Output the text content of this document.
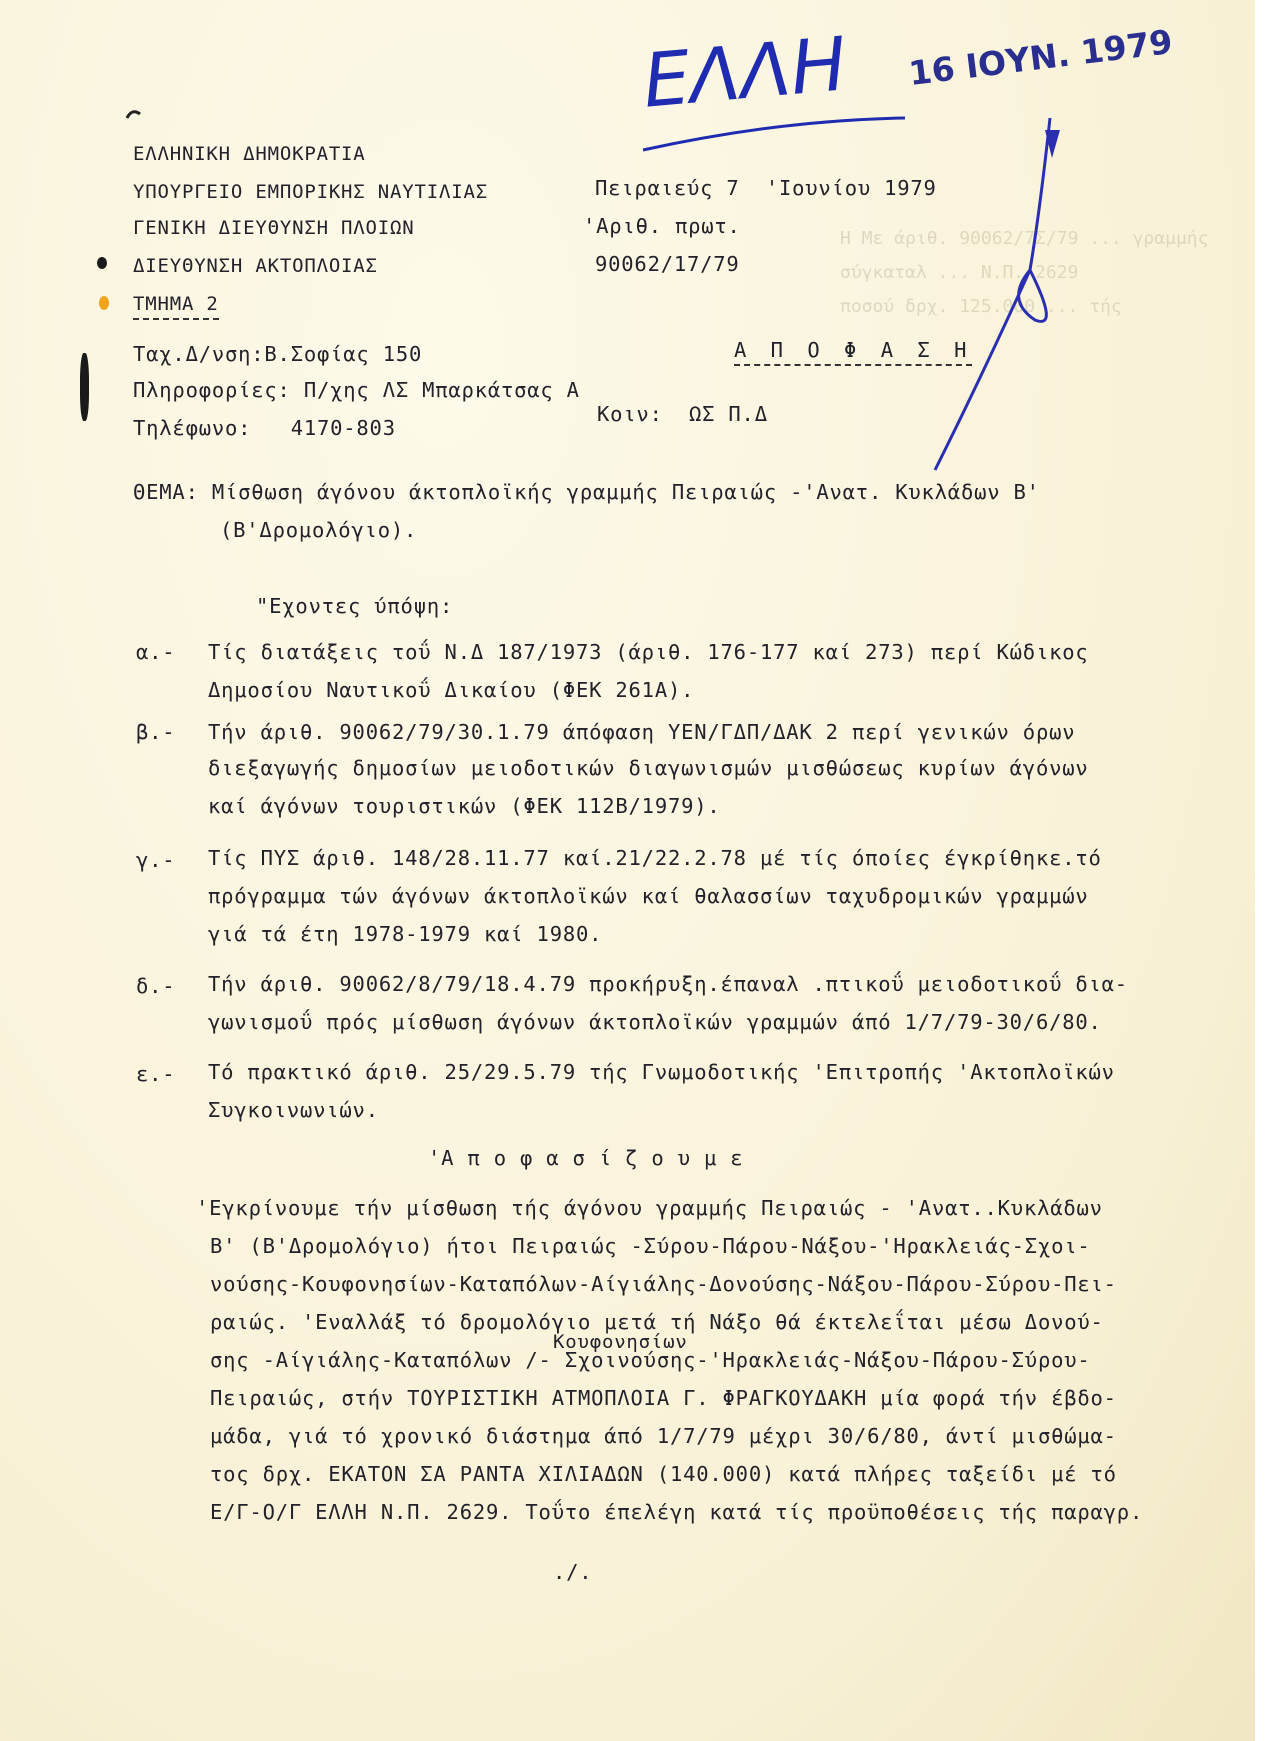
Η Με άριθ. 90062/7Σ/79 ... γραμμής
σύγκαταλ ... Ν.Π. 2629
ποσού δρχ. 125.000 ... τής
ΕΛΛΗ 16 ΙΟΥΝ. 1979
ΕΛΛΗΝΙΚΗ ΔΗΜΟΚΡΑΤΙΑ
ΥΠΟΥΡΓΕΙΟ ΕΜΠΟΡΙΚΗΣ ΝΑΥΤΙΛΙΑΣ
ΓΕΝΙΚΗ ΔΙΕΥΘΥΝΣΗ ΠΛΟΙΩΝ
ΔΙΕΥΘΥΝΣΗ ΑΚΤΟΠΛΟΙΑΣ
ΤΜΗΜΑ 2
Πειραιεύς 7  'Ιουνίου 1979
'Αριθ. πρωτ.
90062/17/79
Ταχ.Δ/νση:Β.Σοφίας 150	Α Π Ο Φ Α Σ Η
Πληροφορίες: Π/χης ΛΣ Μπαρκάτσας Α
Κοιν:  ΩΣ Π.Δ
Τηλέφωνο:   4170-803
ΘΕΜΑ: Μίσθωση άγόνου άκτοπλοϊκής γραμμής Πειραιώς -'Ανατ. Κυκλάδων Β'
(Β'Δρομολόγιο).
"Εχοντες ύπόψη:
α.- Τίς διατάξεις τοΰ Ν.Δ 187/1973 (άριθ. 176-177 καί 273) περί Κώδικος
Δημοσίου Ναυτικοΰ Δικαίου (ΦΕΚ 261Α).
β.- Τήν άριθ. 90062/79/30.1.79 άπόφαση ΥΕΝ/ΓΔΠ/ΔΑΚ 2 περί γενικών όρων
διεξαγωγής δημοσίων μειοδοτικών διαγωνισμών μισθώσεως κυρίων άγόνων
καί άγόνων τουριστικών (ΦΕΚ 112Β/1979).
γ.- Τίς ΠΥΣ άριθ. 148/28.11.77 καί.21/22.2.78 μέ τίς όποίες έγκρίθηκε.τό
πρόγραμμα τών άγόνων άκτοπλοϊκών καί θαλασσίων ταχυδρομικών γραμμών
γιά τά έτη 1978-1979 καί 1980.
δ.- Τήν άριθ. 90062/8/79/18.4.79 προκήρυξη.έπαναλ .πτικοΰ μειοδοτικοΰ δια-
γωνισμοΰ πρός μίσθωση άγόνων άκτοπλοϊκών γραμμών άπό 1/7/79-30/6/80.
ε.- Τό πρακτικό άριθ. 25/29.5.79 τής Γνωμοδοτικής 'Επιτροπής 'Ακτοπλοϊκών
Συγκοινωνιών.
'Α π ο φ α σ ί ζ ο υ μ ε
'Εγκρίνουμε τήν μίσθωση τής άγόνου γραμμής Πειραιώς - 'Ανατ..Κυκλάδων
Β' (Β'Δρομολόγιο) ήτοι Πειραιώς -Σύρου-Πάρου-Νάξου-'Ηρακλειάς-Σχοι-
νούσης-Κουφονησίων-Καταπόλων-Αίγιάλης-Δονούσης-Νάξου-Πάρου-Σύρου-Πει-
ραιώς. 'Εναλλάξ τό δρομολόγιο μετά τή Νάξο θά έκτελεΐται μέσω Δονού-
Κουφονησίων
σης -Αίγιάλης-Καταπόλων /- Σχοινούσης-'Ηρακλειάς-Νάξου-Πάρου-Σύρου-
Πειραιώς, στήν ΤΟΥΡΙΣΤΙΚΗ ΑΤΜΟΠΛΟΙΑ Γ. ΦΡΑΓΚΟΥΔΑΚΗ μία φορά τήν έβδο-
μάδα, γιά τό χρονικό διάστημα άπό 1/7/79 μέχρι 30/6/80, άντί μισθώμα-
τος δρχ. ΕΚΑΤΟΝ ΣΑ ΡΑΝΤΑ ΧΙΛΙΑΔΩΝ (140.000) κατά πλήρες ταξείδι μέ τό
Ε/Γ-Ο/Γ ΕΛΛΗ Ν.Π. 2629. Τοΰτο έπελέγη κατά τίς προϋποθέσεις τής παραγρ.
./.
